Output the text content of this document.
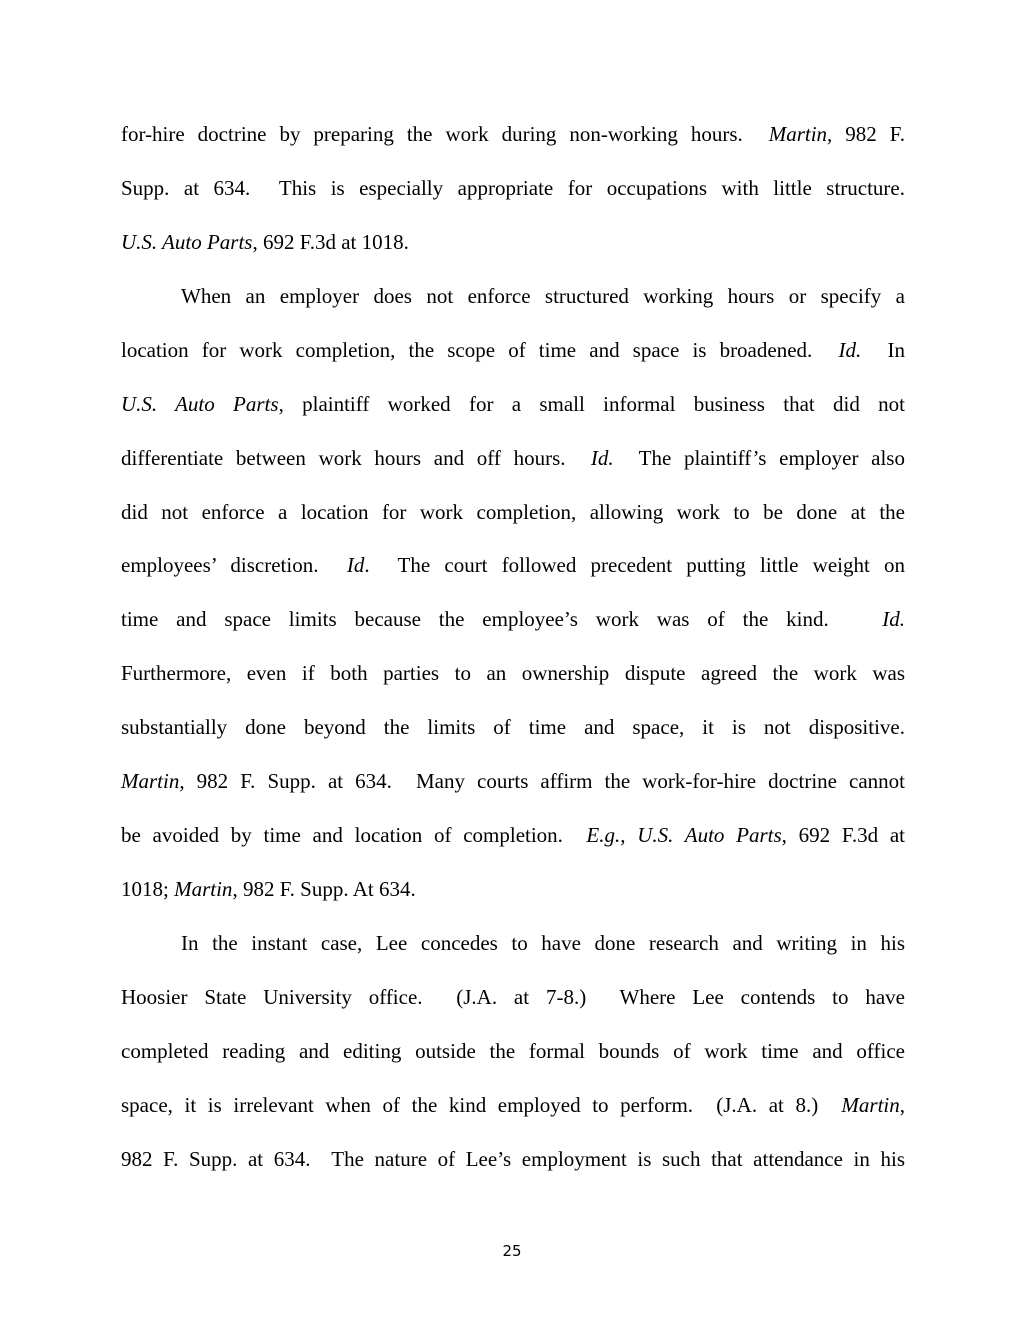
for-hire doctrine by preparing the work during non-working hours.  Martin, 982 F.
Supp. at 634.  This is especially appropriate for occupations with little structure.
U.S. Auto Parts, 692 F.3d at 1018.
When an employer does not enforce structured working hours or specify a
location for work completion, the scope of time and space is broadened.  Id.  In
U.S. Auto Parts, plaintiff worked for a small informal business that did not
differentiate between work hours and off hours.  Id.  The plaintiff’s employer also
did not enforce a location for work completion, allowing work to be done at the
employees’ discretion.  Id.  The court followed precedent putting little weight on
time and space limits because the employee’s work was of the kind.   Id.
Furthermore, even if both parties to an ownership dispute agreed the work was
substantially done beyond the limits of time and space, it is not dispositive.
Martin, 982 F. Supp. at 634.  Many courts affirm the work-for-hire doctrine cannot
be avoided by time and location of completion.  E.g., U.S. Auto Parts, 692 F.3d at
1018; Martin, 982 F. Supp. At 634.
In the instant case, Lee concedes to have done research and writing in his
Hoosier State University office.  (J.A. at 7-8.)  Where Lee contends to have
completed reading and editing outside the formal bounds of work time and office
space, it is irrelevant when of the kind employed to perform.  (J.A. at 8.)  Martin,
982 F. Supp. at 634.  The nature of Lee’s employment is such that attendance in his
25
